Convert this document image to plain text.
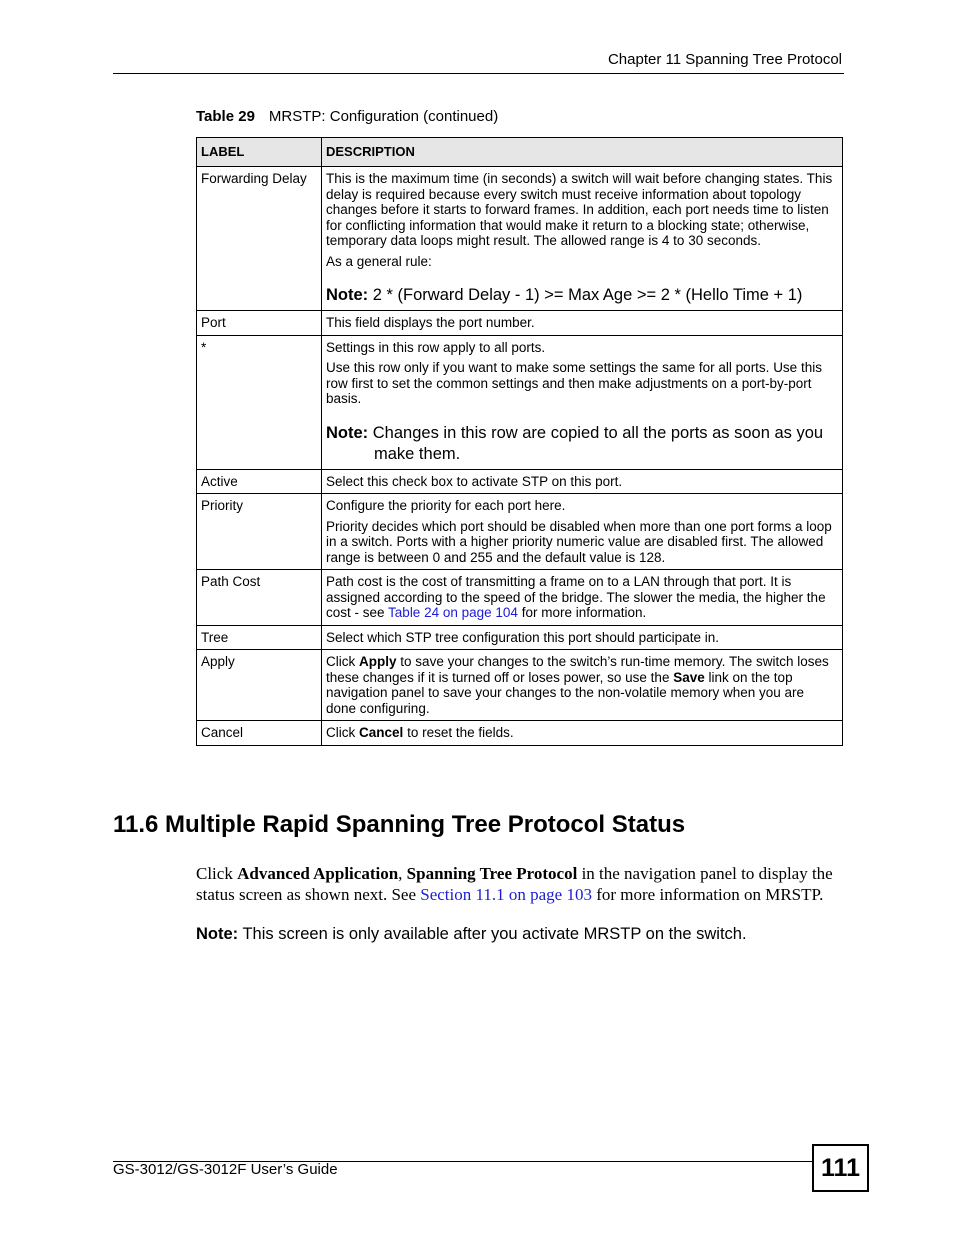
Chapter 11 Spanning Tree Protocol
Table 29 MRSTP: Configuration (continued)
LABEL	DESCRIPTION
Forwarding Delay	This is the maximum time (in seconds) a switch will wait before changing states. This delay is required because every switch must receive information about topology changes before it starts to forward frames. In addition, each port needs time to listen for conflicting information that would make it return to a blocking state; otherwise, temporary data loops might result. The allowed range is 4 to 30 seconds.

As a general rule:

Note: 2 * (Forward Delay - 1) >= Max Age >= 2 * (Hello Time + 1)

Port	This field displays the port number.

*	Settings in this row apply to all ports.

Use this row only if you want to make some settings the same for all ports. Use this row first to set the common settings and then make adjustments on a port-by-port basis.

Note: Changes in this row are copied to all the ports as soon as you make them.

Active	Select this check box to activate STP on this port.

Priority	Configure the priority for each port here.

Priority decides which port should be disabled when more than one port forms a loop in a switch. Ports with a higher priority numeric value are disabled first. The allowed range is between 0 and 255 and the default value is 128.

Path Cost	Path cost is the cost of transmitting a frame on to a LAN through that port. It is assigned according to the speed of the bridge. The slower the media, the higher the cost - see Table 24 on page 104 for more information.

Tree	Select which STP tree configuration this port should participate in.

Apply	Click Apply to save your changes to the switch’s run-time memory. The switch loses these changes if it is turned off or loses power, so use the Save link on the top navigation panel to save your changes to the non-volatile memory when you are done configuring.

Cancel	Click Cancel to reset the fields.

11.6 Multiple Rapid Spanning Tree Protocol Status
Click Advanced Application, Spanning Tree Protocol in the navigation panel to display the status screen as shown next. See Section 11.1 on page 103 for more information on MRSTP.
Note: This screen is only available after you activate MRSTP on the switch.
GS-3012/GS-3012F User’s Guide	111
